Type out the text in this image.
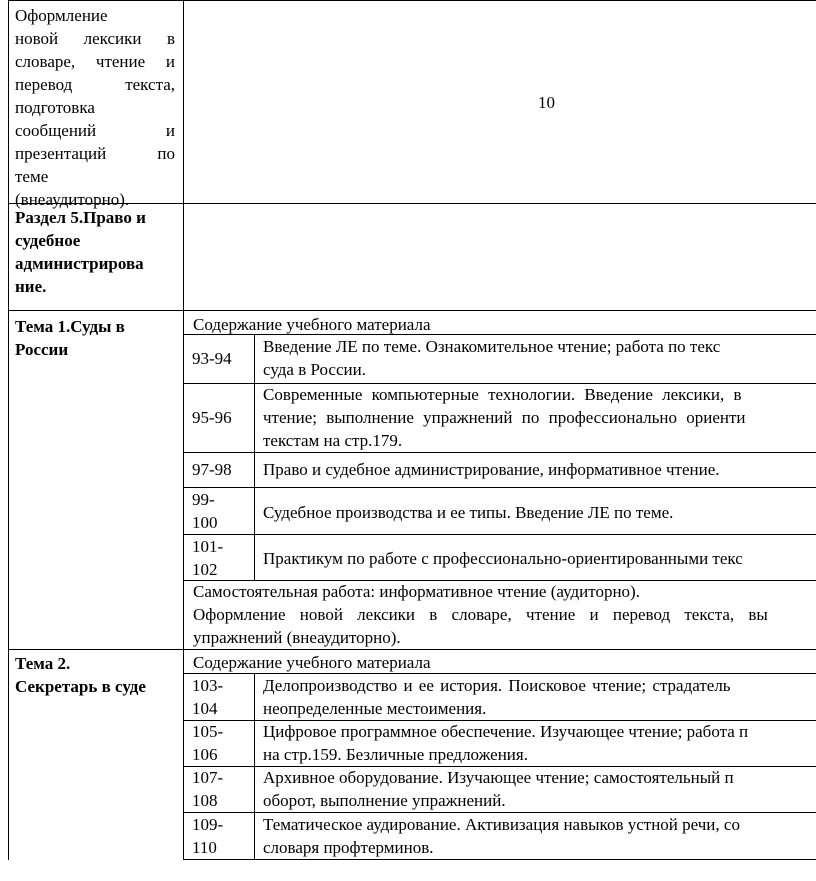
Оформление
новой лексики в
словаре, чтение и
перевод текста,
подготовка
сообщений и
презентаций по
теме
(внеаудиторно).
10
Раздел 5.Право и
судебное
администрирова
ние.
Тема 1.Суды в
России
Содержание учебного материала
93-94
Введение ЛЕ по теме. Ознакомительное чтение; работа по текс
суда в России.
95-96
Современные компьютерные технологии. Введение лексики, в
чтение; выполнение упражнений по профессионально ориенти
текстам на стр.179.
97-98 Право и судебное администрирование, информативное чтение.
99-
100
Судебное производства и ее типы. Введение ЛЕ по теме.
101-
102
Практикум по работе с профессионально-ориентированными текс
Самостоятельная работа: информативное чтение (аудиторно).
Оформление новой лексики в словаре, чтение и перевод текста, вы
упражнений (внеаудиторно).
Тема 2.
Секретарь в суде
Содержание учебного материала
103-
104
Делопроизводство и ее история. Поисковое чтение; страдатель
неопределенные местоимения.
105-
106
Цифровое программное обеспечение. Изучающее чтение; работа п
на стр.159. Безличные предложения.
107-
108
Архивное оборудование. Изучающее чтение; самостоятельный п
оборот, выполнение упражнений.
109-
110
Тематическое аудирование. Активизация навыков устной речи, со
словаря профтерминов.
